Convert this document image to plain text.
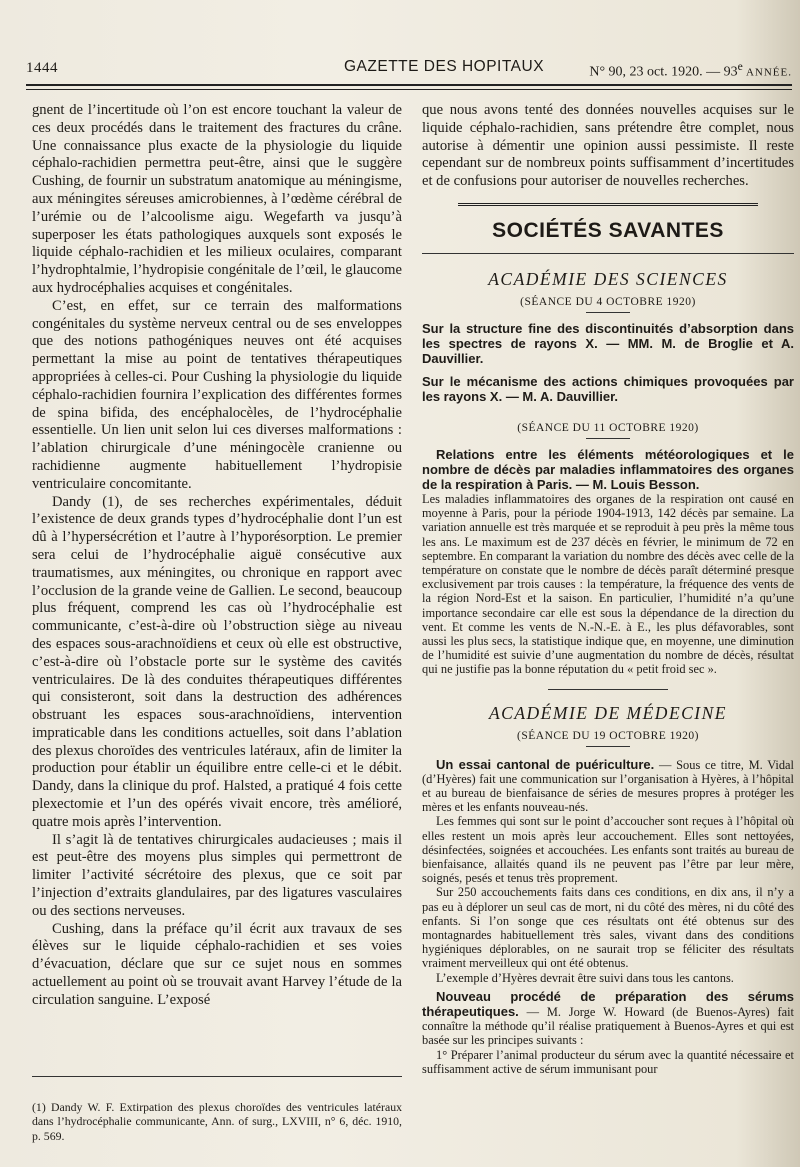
1444	GAZETTE DES HOPITAUX	N° 90, 23 oct. 1920. — 93e ANNÉE.

gnent de l’incertitude où l’on est encore touchant la valeur de ces deux procédés dans le traitement des fractures du crâne. Une connaissance plus exacte de la physiologie du liquide céphalo-rachidien permettra peut-être, ainsi que le suggère Cushing, de fournir un substratum anatomique au méningisme, aux méningites séreuses amicrobiennes, à l’œdème cérébral de l’urémie ou de l’alcoolisme aigu. Wegefarth va jusqu’à superposer les états pathologiques auxquels sont exposés le liquide céphalo-rachidien et les milieux oculaires, comparant l’hydrophtalmie, l’hydropisie congénitale de l’œil, le glaucome aux hydrocéphalies acquises et congénitales.

C’est, en effet, sur ce terrain des malformations congénitales du système nerveux central ou de ses enveloppes que des notions pathogéniques neuves ont été acquises permettant la mise au point de tentatives thérapeutiques appropriées à celles-ci. Pour Cushing la physiologie du liquide céphalo-rachidien fournira l’explication des différentes formes de spina bifida, des encéphalocèles, de l’hydrocéphalie essentielle. Un lien unit selon lui ces diverses malformations : l’ablation chirurgicale d’une méningocèle cranienne ou rachidienne augmente habituellement l’hydropisie ventriculaire concomitante.

Dandy (1), de ses recherches expérimentales, déduit l’existence de deux grands types d’hydrocéphalie dont l’un est dû à l’hypersécrétion et l’autre à l’hyporésorption. Le premier sera celui de l’hydrocéphalie aiguë consécutive aux traumatismes, aux méningites, ou chronique en rapport avec l’occlusion de la grande veine de Gallien. Le second, beaucoup plus fréquent, comprend les cas où l’hydrocéphalie est communicante, c’est-à-dire où l’obstruction siège au niveau des espaces sous-arachnoïdiens et ceux où elle est obstructive, c’est-à-dire où l’obstacle porte sur le système des cavités ventriculaires. De là des conduites thérapeutiques différentes qui consisteront, soit dans la destruction des adhérences obstruant les espaces sous-arachnoïdiens, intervention impraticable dans les conditions actuelles, soit dans l’ablation des plexus choroïdes des ventricules latéraux, afin de limiter la production pour établir un équilibre entre celle-ci et le débit. Dandy, dans la clinique du prof. Halsted, a pratiqué 4 fois cette plexectomie et l’un des opérés vivait encore, très amélioré, quatre mois après l’intervention.

Il s’agit là de tentatives chirurgicales audacieuses ; mais il est peut-être des moyens plus simples qui permettront de limiter l’activité sécrétoire des plexus, que ce soit par l’injection d’extraits glandulaires, par des ligatures vasculaires ou des sections nerveuses.

Cushing, dans la préface qu’il écrit aux travaux de ses élèves sur le liquide céphalo-rachidien et ses voies d’évacuation, déclare que sur ce sujet nous en sommes actuellement au point où se trouvait avant Harvey l’étude de la circulation sanguine. L’exposé

(1) Dandy W. F. Extirpation des plexus choroïdes des ventricules latéraux dans l’hydrocéphalie communicante, Ann. of surg., LXVIII, n° 6, déc. 1910, p. 569.

que nous avons tenté des données nouvelles acquises sur le liquide céphalo-rachidien, sans prétendre être complet, nous autorise à démentir une opinion aussi pessimiste. Il reste cependant sur de nombreux points suffisamment d’incertitudes et de confusions pour autoriser de nouvelles recherches.

SOCIÉTÉS SAVANTES

ACADÉMIE DES SCIENCES

(SÉANCE DU 4 OCTOBRE 1920)

Sur la structure fine des discontinuités d’absorption dans les spectres de rayons X. — MM. M. de Broglie et A. Dauvillier.

Sur le mécanisme des actions chimiques provoquées par les rayons X. — M. A. Dauvillier.

(SÉANCE DU 11 OCTOBRE 1920)

Relations entre les éléments météorologiques et le nombre de décès par maladies inflammatoires des organes de la respiration à Paris. — M. Louis Besson.

Les maladies inflammatoires des organes de la respiration ont causé en moyenne à Paris, pour la période 1904-1913, 142 décès par semaine. La variation annuelle est très marquée et se reproduit à peu près la même tous les ans. Le maximum est de 237 décès en février, le minimum de 72 en septembre. En comparant la variation du nombre des décès avec celle de la température on constate que le nombre de décès paraît déterminé presque exclusivement par trois causes : la température, la fréquence des vents de la région Nord-Est et la saison. En particulier, l’humidité n’a qu’une importance secondaire car elle est sous la dépendance de la direction du vent. Et comme les vents de N.-N.-E. à E., les plus défavorables, sont aussi les plus secs, la statistique indique que, en moyenne, une diminution de l’humidité est suivie d’une augmentation du nombre de décès, résultat qui ne justifie pas la bonne réputation du « petit froid sec ».

ACADÉMIE DE MÉDECINE

(SÉANCE DU 19 OCTOBRE 1920)

Un essai cantonal de puériculture. — Sous ce titre, M. Vidal (d’Hyères) fait une communication sur l’organisation à Hyères, à l’hôpital et au bureau de bienfaisance de séries de mesures propres à protéger les mères et les enfants nouveau-nés.

Les femmes qui sont sur le point d’accoucher sont reçues à l’hôpital où elles restent un mois après leur accouchement. Elles sont nettoyées, désinfectées, soignées et accouchées. Les enfants sont traités au bureau de bienfaisance, allaités quand ils ne peuvent pas l’être par leur mère, soignés, pesés et tenus très proprement.

Sur 250 accouchements faits dans ces conditions, en dix ans, il n’y a pas eu à déplorer un seul cas de mort, ni du côté des mères, ni du côté des enfants. Si l’on songe que ces résultats ont été obtenus sur des montagnardes habituellement très sales, vivant dans des conditions hygiéniques déplorables, on ne saurait trop se féliciter des résultats vraiment merveilleux qui ont été obtenus.

L’exemple d’Hyères devrait être suivi dans tous les cantons.

Nouveau procédé de préparation des sérums thérapeutiques. — M. Jorge W. Howard (de Buenos-Ayres) fait connaître la méthode qu’il réalise pratiquement à Buenos-Ayres et qui est basée sur les principes suivants :

1° Préparer l’animal producteur du sérum avec la quantité nécessaire et suffisamment active de sérum immunisant pour
